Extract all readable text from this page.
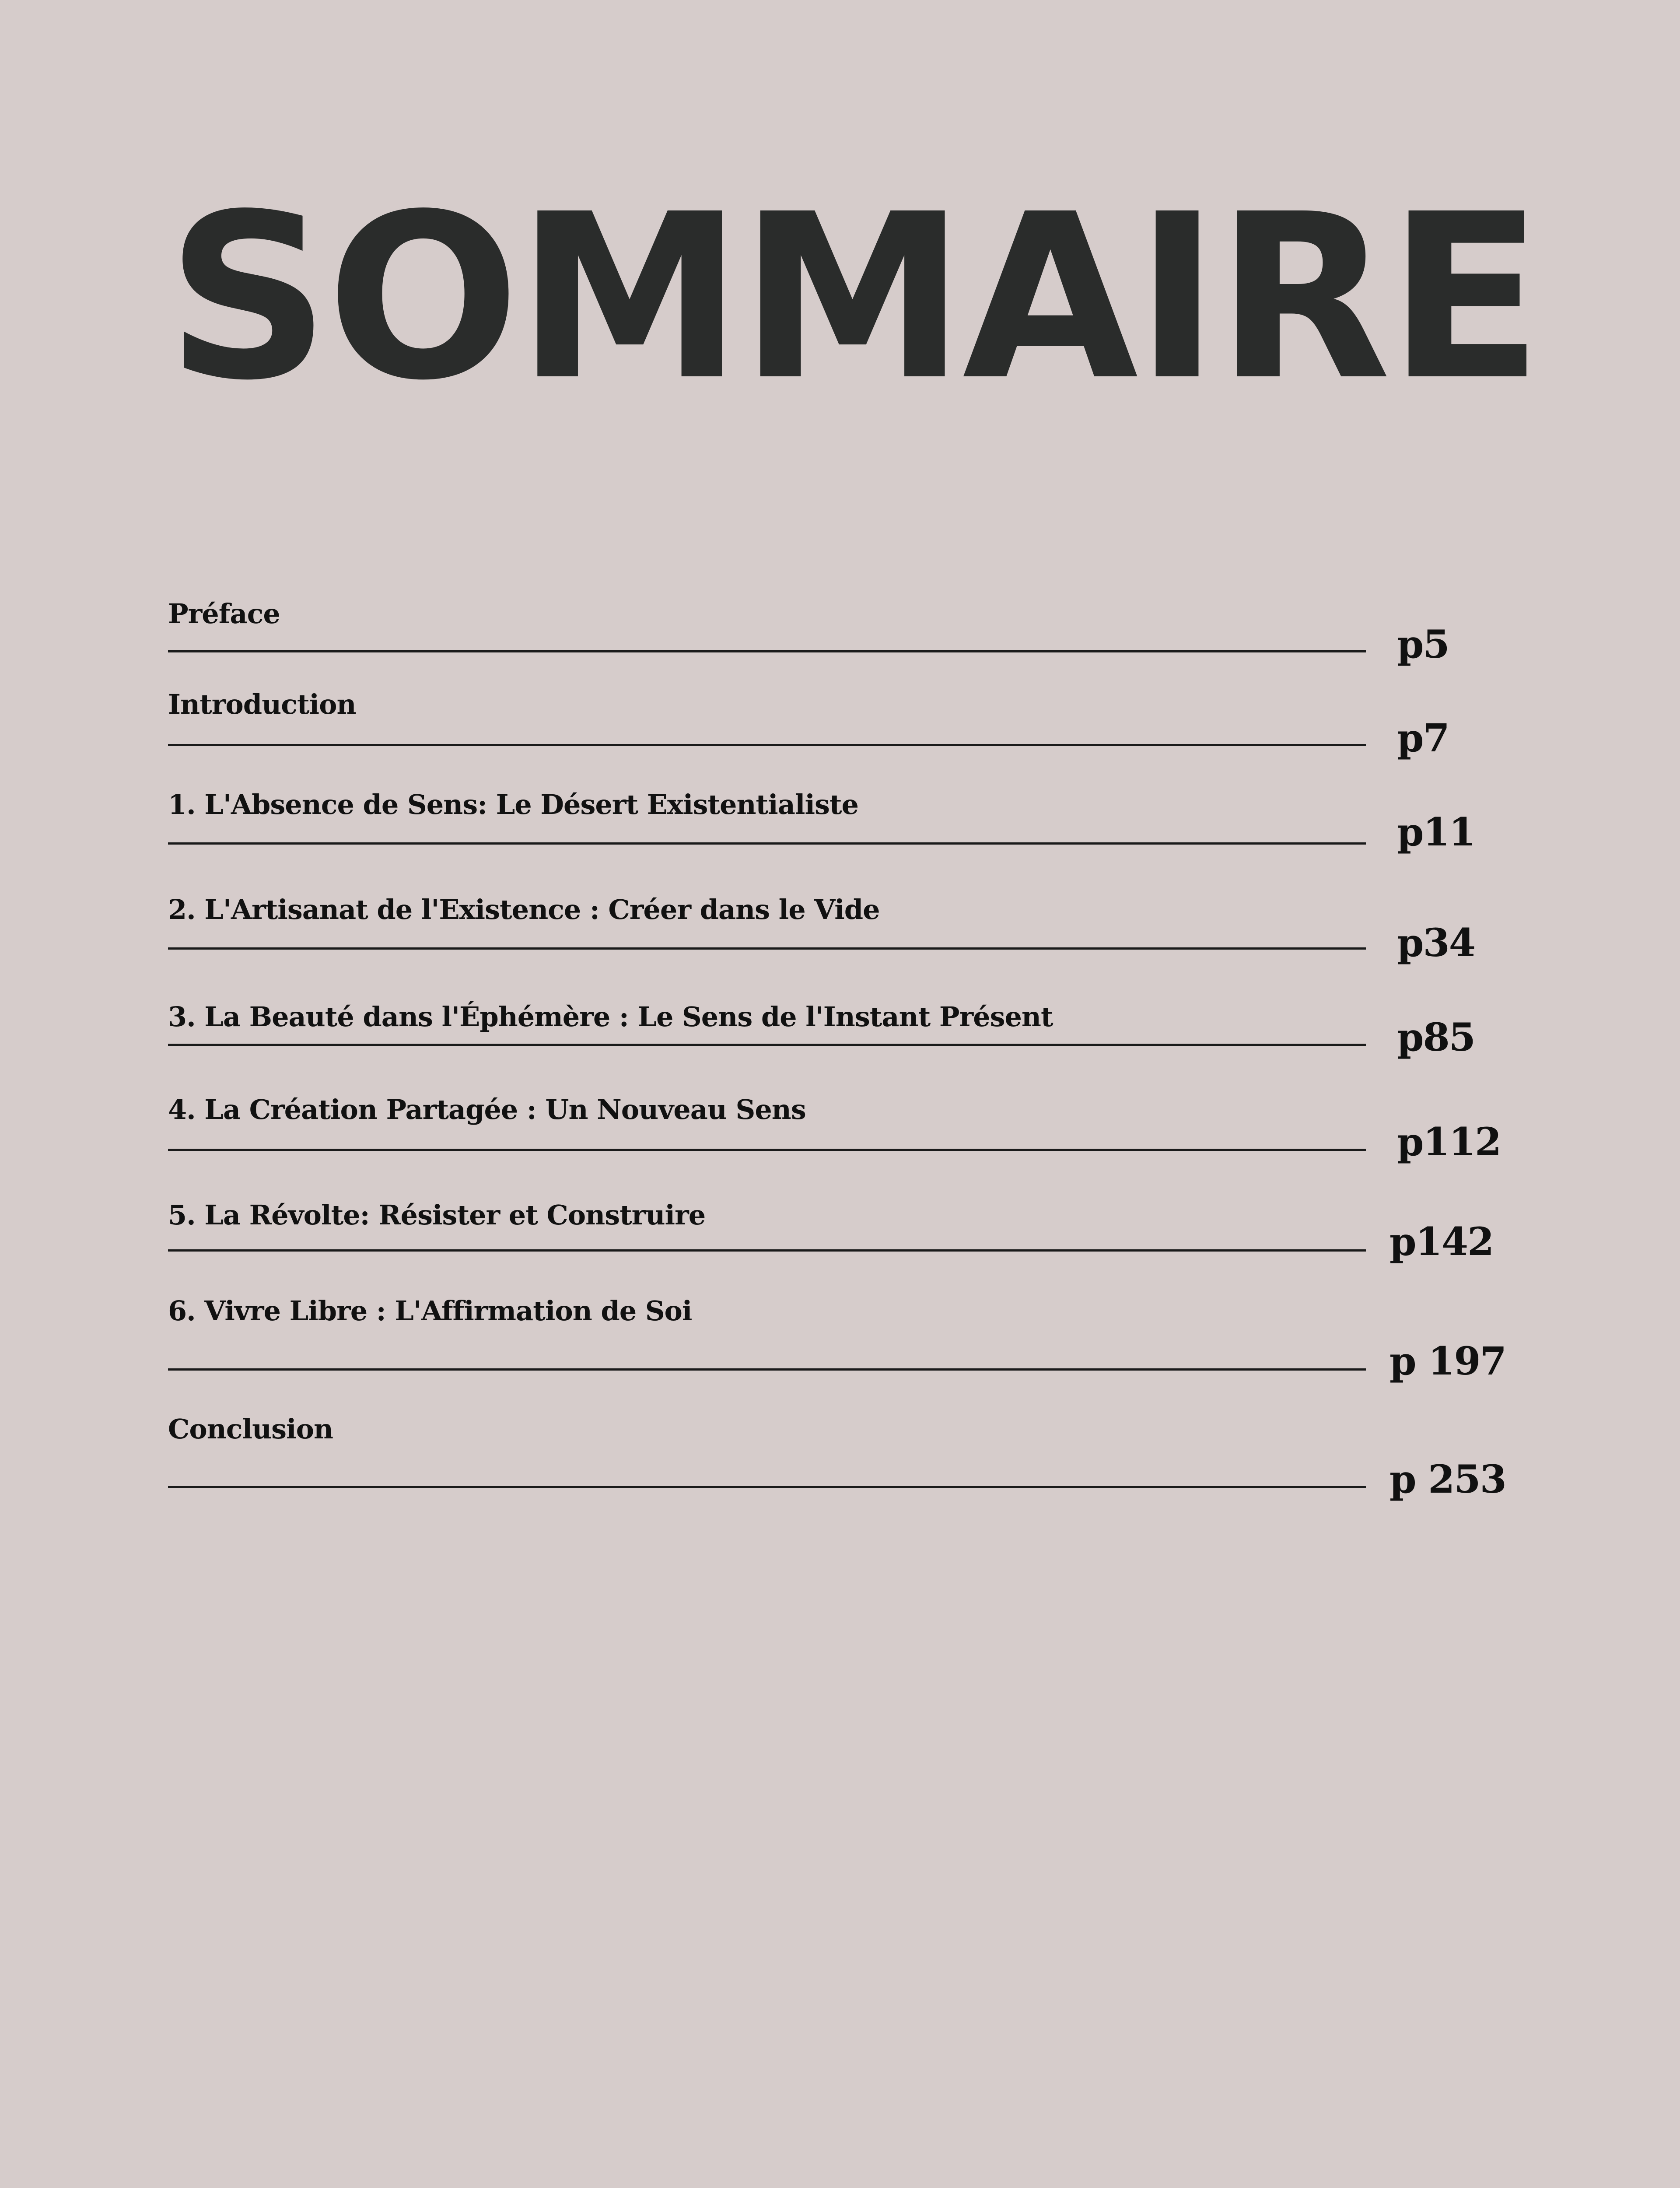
SOMMAIRE
Préface
p5
Introduction
p7
1. L'Absence de Sens: Le Désert Existentialiste
p11
2. L'Artisanat de l'Existence : Créer dans le Vide
p34
3. La Beauté dans l'Éphémère : Le Sens de l'Instant Présent	p85
4. La Création Partagée : Un Nouveau Sens
p112
5. La Révolte: Résister et Construire
p142
6. Vivre Libre : L'Affirmation de Soi
p 197
Conclusion
p 253
